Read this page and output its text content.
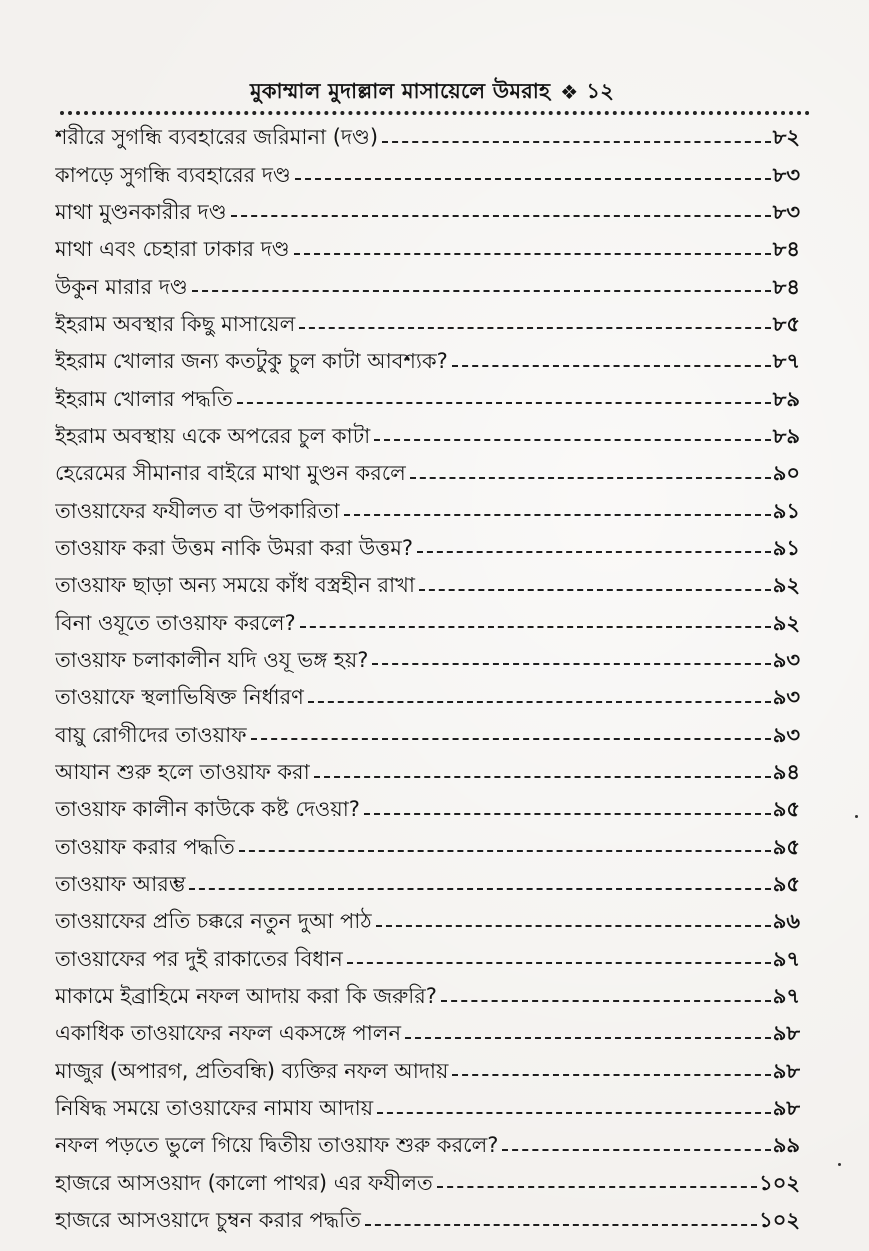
মুকাম্মাল মুদাল্লাল মাসায়েলে উমরাহ ❖ ১২
শরীরে সুগন্ধি ব্যবহারের জরিমানা (দণ্ড)	৮২
কাপড়ে সুগন্ধি ব্যবহারের দণ্ড	৮৩
মাথা মুণ্ডনকারীর দণ্ড	৮৩
মাথা এবং চেহারা ঢাকার দণ্ড	৮৪
উকুন মারার দণ্ড	৮৪
ইহরাম অবস্থার কিছু মাসায়েল	৮৫
ইহরাম খোলার জন্য কতটুকু চুল কাটা আবশ্যক?	৮৭
ইহরাম খোলার পদ্ধতি	৮৯
ইহরাম অবস্থায় একে অপরের চুল কাটা	৮৯
হেরেমের সীমানার বাইরে মাথা মুণ্ডন করলে	৯০
তাওয়াফের ফযীলত বা উপকারিতা	৯১
তাওয়াফ করা উত্তম নাকি উমরা করা উত্তম?	৯১
তাওয়াফ ছাড়া অন্য সময়ে কাঁধ বস্ত্রহীন রাখা	৯২
বিনা ওযূতে তাওয়াফ করলে?	৯২
তাওয়াফ চলাকালীন যদি ওযূ ভঙ্গ হয়?	৯৩
তাওয়াফে স্থলাভিষিক্ত নির্ধারণ	৯৩
বায়ু রোগীদের তাওয়াফ	৯৩
আযান শুরু হলে তাওয়াফ করা	৯৪
তাওয়াফ কালীন কাউকে কষ্ট দেওয়া?	৯৫
তাওয়াফ করার পদ্ধতি	৯৫
তাওয়াফ আরম্ভ	৯৫
তাওয়াফের প্রতি চক্করে নতুন দুআ পাঠ	৯৬
তাওয়াফের পর দুই রাকাতের বিধান	৯৭
মাকামে ইব্রাহিমে নফল আদায় করা কি জরুরি?	৯৭
একাধিক তাওয়াফের নফল একসঙ্গে পালন	৯৮
মাজুর (অপারগ, প্রতিবন্ধি) ব্যক্তির নফল আদায়	৯৮
নিষিদ্ধ সময়ে তাওয়াফের নামায আদায়	৯৮
নফল পড়তে ভুলে গিয়ে দ্বিতীয় তাওয়াফ শুরু করলে?	৯৯
হাজরে আসওয়াদ (কালো পাথর) এর ফযীলত	১০২
হাজরে আসওয়াদে চুম্বন করার পদ্ধতি	১০২
